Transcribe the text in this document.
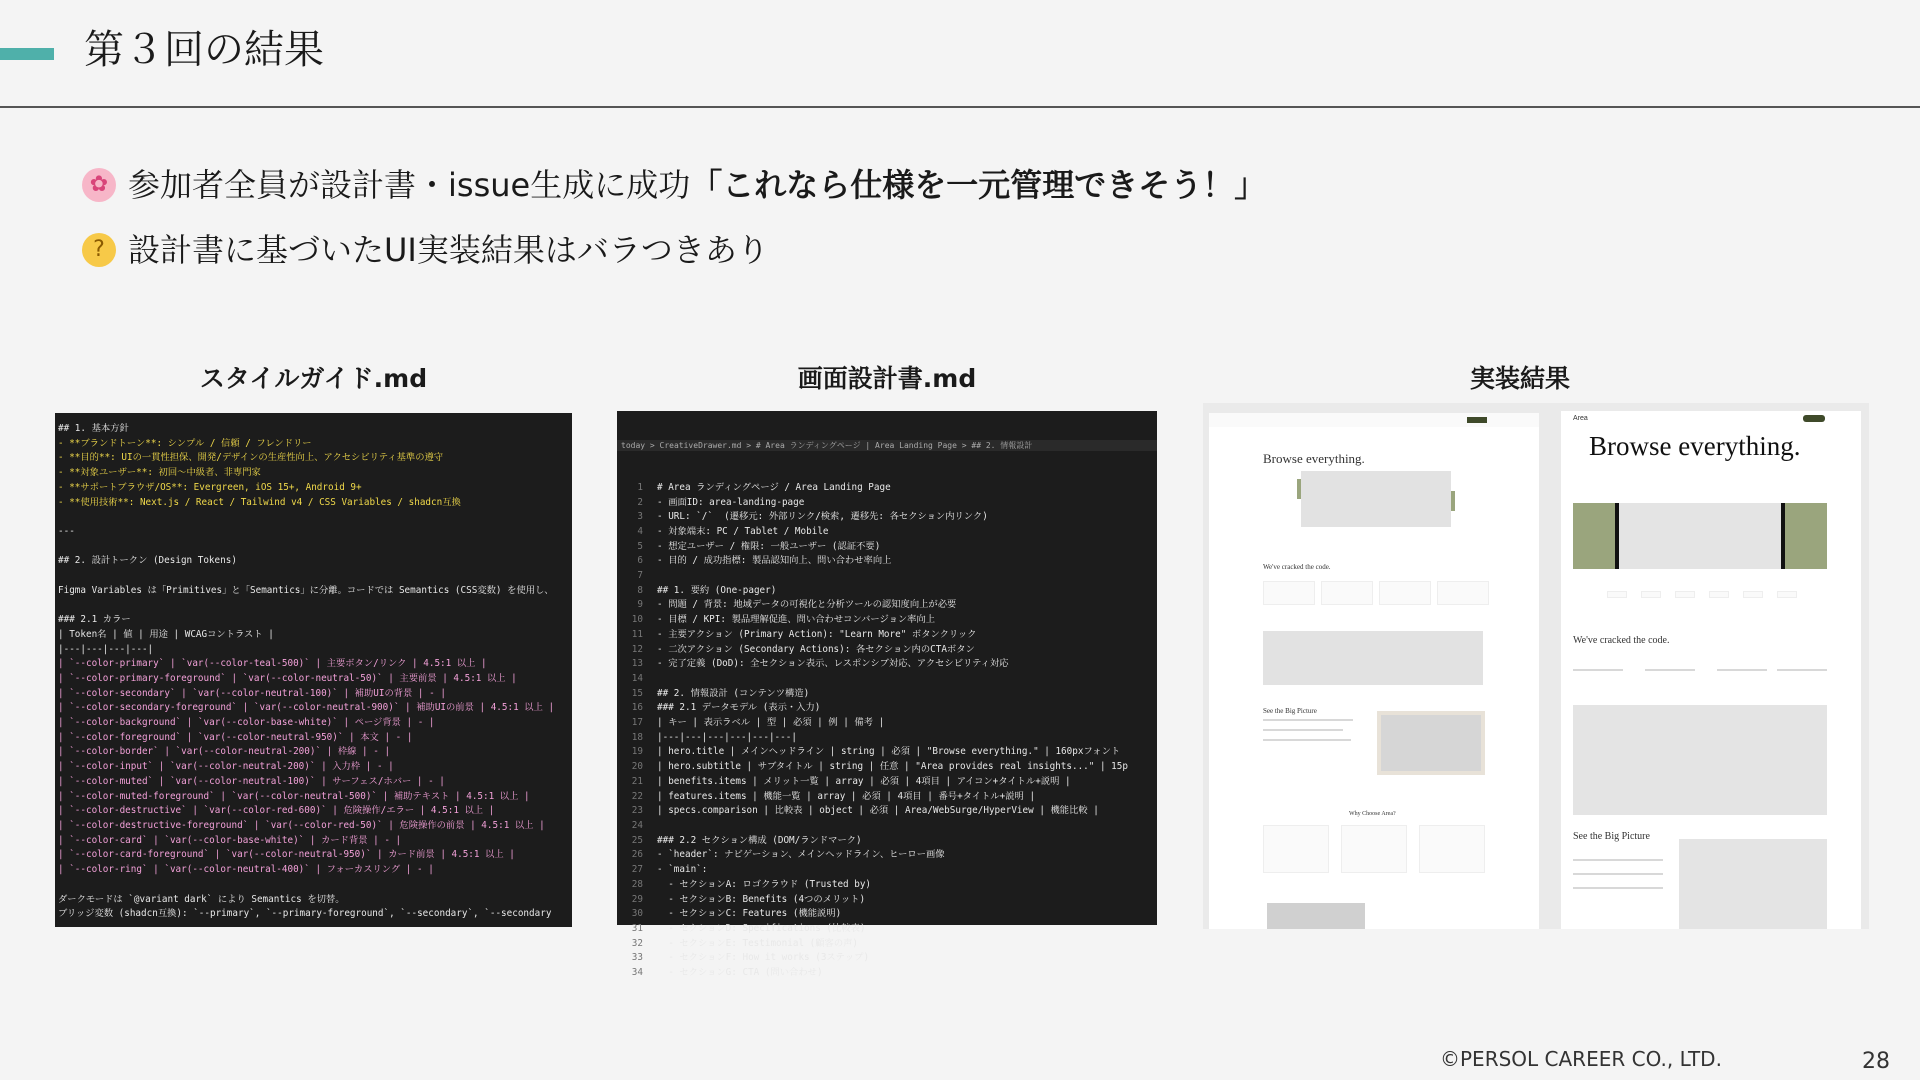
第３回の結果
✿ 参加者全員が設計書・issue生成に成功 「これなら仕様を一元管理できそう！」
? 設計書に基づいたUI実装結果はバラつきあり
スタイルガイド.md	画面設計書.md	実装結果
## 1. 基本方針
- **ブランドトーン**: シンプル / 信頼 / フレンドリー
- **目的**: UIの一貫性担保、開発/デザインの生産性向上、アクセシビリティ基準の遵守
- **対象ユーザー**: 初回〜中級者、非専門家
- **サポートブラウザ/OS**: Evergreen, iOS 15+, Android 9+
- **使用技術**: Next.js / React / Tailwind v4 / CSS Variables / shadcn互換

---

## 2. 設計トークン (Design Tokens)

Figma Variables は「Primitives」と「Semantics」に分離。コードでは Semantics (CSS変数) を使用し、

### 2.1 カラー
| Token名 | 値 | 用途 | WCAGコントラスト |
|---|---|---|---|
| `--color-primary` | `var(--color-teal-500)` | 主要ボタン/リンク | 4.5:1 以上 |
| `--color-primary-foreground` | `var(--color-neutral-50)` | 主要前景 | 4.5:1 以上 |
| `--color-secondary` | `var(--color-neutral-100)` | 補助UIの背景 | - |
| `--color-secondary-foreground` | `var(--color-neutral-900)` | 補助UIの前景 | 4.5:1 以上 |
| `--color-background` | `var(--color-base-white)` | ページ背景 | - |
| `--color-foreground` | `var(--color-neutral-950)` | 本文 | - |
| `--color-border` | `var(--color-neutral-200)` | 枠線 | - |
| `--color-input` | `var(--color-neutral-200)` | 入力枠 | - |
| `--color-muted` | `var(--color-neutral-100)` | サーフェス/ホバー | - |
| `--color-muted-foreground` | `var(--color-neutral-500)` | 補助テキスト | 4.5:1 以上 |
| `--color-destructive` | `var(--color-red-600)` | 危険操作/エラー | 4.5:1 以上 |
| `--color-destructive-foreground` | `var(--color-red-50)` | 危険操作の前景 | 4.5:1 以上 |
| `--color-card` | `var(--color-base-white)` | カード背景 | - |
| `--color-card-foreground` | `var(--color-neutral-950)` | カード前景 | 4.5:1 以上 |
| `--color-ring` | `var(--color-neutral-400)` | フォーカスリング | - |

ダークモードは `@variant dark` により Semantics を切替。
ブリッジ変数 (shadcn互換): `--primary`, `--primary-foreground`, `--secondary`, `--secondary

today > CreativeDrawer.md > # Area ランディングページ | Area Landing Page > ## 2. 情報設計

1 # Area ランディングページ / Area Landing Page
2 - 画面ID: area-landing-page
3 - URL: `/`  (遷移元: 外部リンク/検索, 遷移先: 各セクション内リンク)
4 - 対象端末: PC / Tablet / Mobile
5 - 想定ユーザー / 権限: 一般ユーザー (認証不要)
6 - 目的 / 成功指標: 製品認知向上、問い合わせ率向上
7
8 ## 1. 要約 (One-pager)
9 - 問題 / 背景: 地域データの可視化と分析ツールの認知度向上が必要
10 - 目標 / KPI: 製品理解促進、問い合わせコンバージョン率向上
11 - 主要アクション (Primary Action): "Learn More" ボタンクリック
12 - 二次アクション (Secondary Actions): 各セクション内のCTAボタン
13 - 完了定義 (DoD): 全セクション表示、レスポンシブ対応、アクセシビリティ対応
14
15 ## 2. 情報設計 (コンテンツ構造)
16 ### 2.1 データモデル (表示・入力)
17 | キー | 表示ラベル | 型 | 必須 | 例 | 備考 |
18 |---|---|---|---|---|---|
19 | hero.title | メインヘッドライン | string | 必須 | "Browse everything." | 160pxフォント
20 | hero.subtitle | サブタイトル | string | 任意 | "Area provides real insights..." | 15p
21 | benefits.items | メリット一覧 | array | 必須 | 4項目 | アイコン+タイトル+説明 |
22 | features.items | 機能一覧 | array | 必須 | 4項目 | 番号+タイトル+説明 |
23 | specs.comparison | 比較表 | object | 必須 | Area/WebSurge/HyperView | 機能比較 |
24
25 ### 2.2 セクション構成 (DOM/ランドマーク)
26 - `header`: ナビゲーション、メインヘッドライン、ヒーロー画像
27 - `main`:
28  - セクションA: ロゴクラウド (Trusted by)
29  - セクションB: Benefits (4つのメリット)
30  - セクションC: Features (機能説明)
31  - セクションD: Specifications (比較表)
32  - セクションE: Testimonial (顧客の声)
33  - セクションF: How it works (3ステップ)
34  - セクションG: CTA (問い合わせ)

Browse everything.
We've cracked the code.
See the Big Picture
Why Choose Area?
Area
Browse everything.
We've cracked the code.
See the Big Picture
©PERSOL CAREER CO., LTD.	28
